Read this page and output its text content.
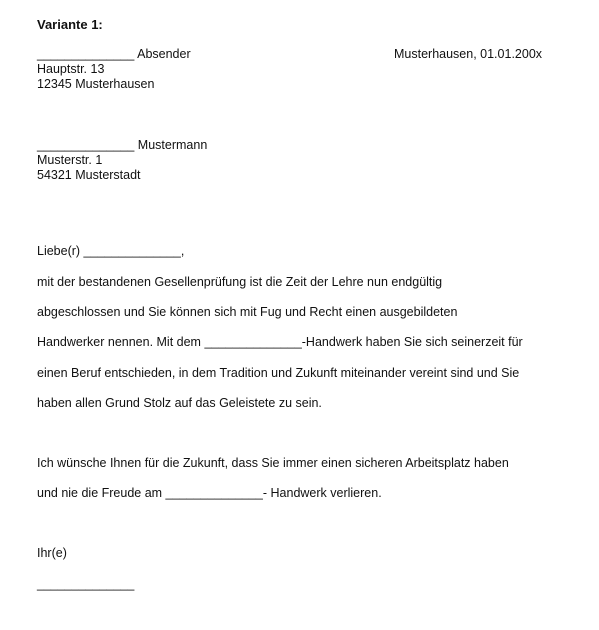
Variante 1:
______________ Absender
Hauptstr. 13
12345 Musterhausen
Musterhausen, 01.01.200x
______________ Mustermann
Musterstr. 1
54321 Musterstadt
Liebe(r) ______________,
mit der bestandenen Gesellenprüfung ist die Zeit der Lehre nun endgültig
abgeschlossen und Sie können sich mit Fug und Recht einen ausgebildeten
Handwerker nennen. Mit dem ______________-Handwerk haben Sie sich seinerzeit für
einen Beruf entschieden, in dem Tradition und Zukunft miteinander vereint sind und Sie
haben allen Grund Stolz auf das Geleistete zu sein.
Ich wünsche Ihnen für die Zukunft, dass Sie immer einen sicheren Arbeitsplatz haben
und nie die Freude am ______________- Handwerk verlieren.
Ihr(e)
______________
